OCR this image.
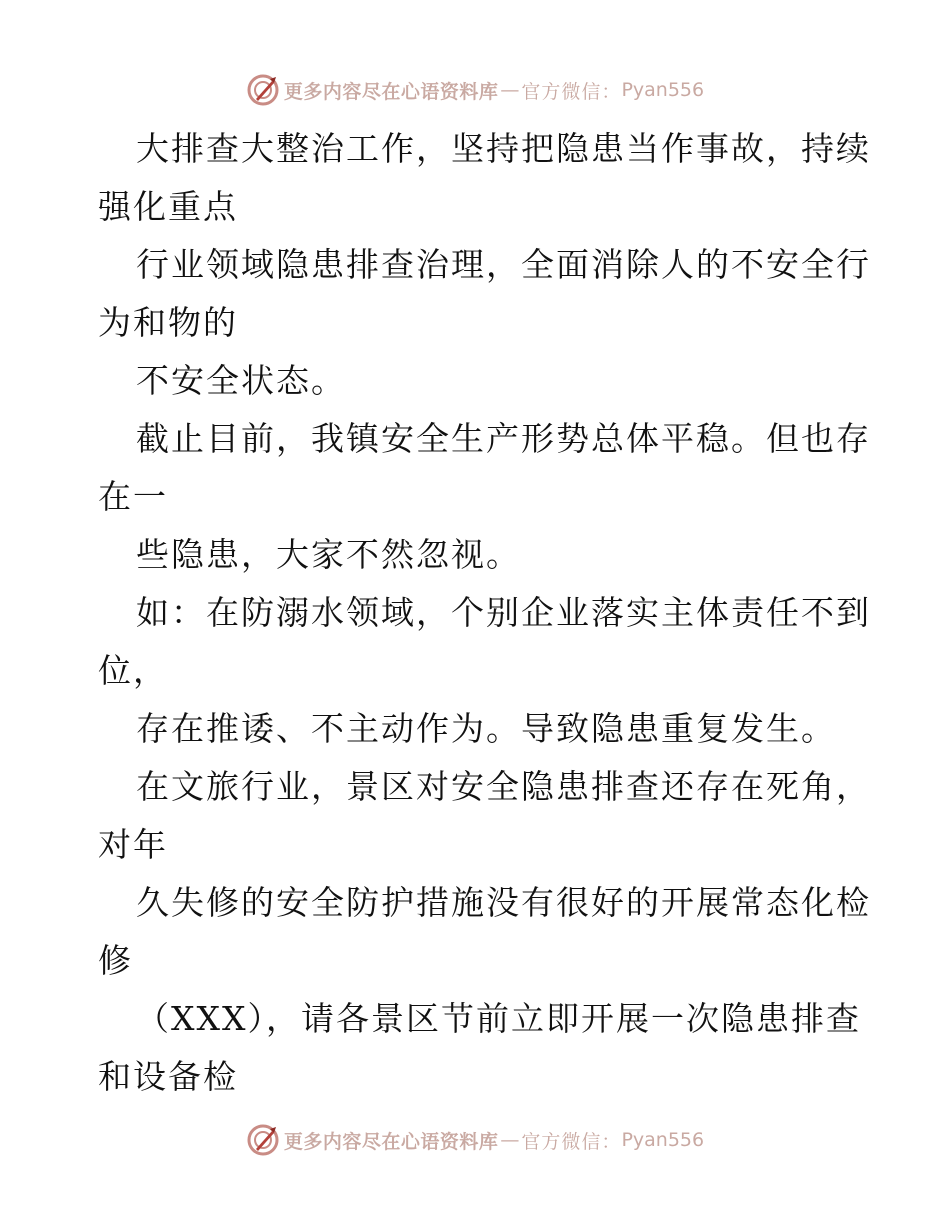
更多内容尽在心语资料库 — 官方微信： Pyan556
大排查大整治工作，坚持把隐患当作事故，持续
强化重点
行业领域隐患排查治理，全面消除人的不安全行
为和物的
不安全状态。
截止目前，我镇安全生产形势总体平稳。但也存
在一
些隐患，大家不然忽视。
如：在防溺水领域，个别企业落实主体责任不到
位，
存在推诿、不主动作为。导致隐患重复发生。
在文旅行业，景区对安全隐患排查还存在死角，
对年
久失修的安全防护措施没有很好的开展常态化检
修
（XXX），请各景区节前立即开展一次隐患排查
和设备检
更多内容尽在心语资料库 — 官方微信： Pyan556
